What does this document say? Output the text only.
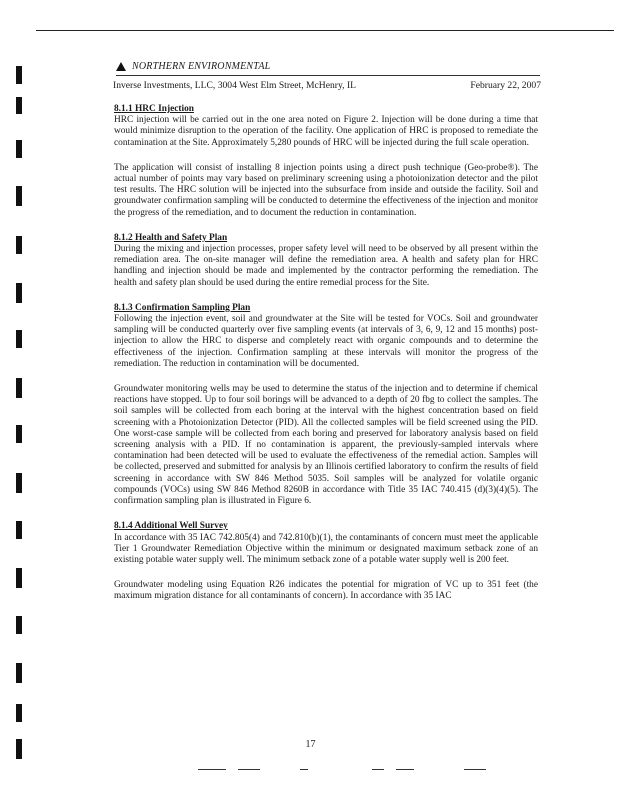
NORTHERN ENVIRONMENTAL
Inverse Investments, LLC, 3004 West Elm Street, McHenry, IL	February 22, 2007

8.1.1 HRC Injection

HRC injection will be carried out in the one area noted on Figure 2. Injection will be done during a time that would minimize disruption to the operation of the facility. One application of HRC is proposed to remediate the contamination at the Site. Approximately 5,280 pounds of HRC will be injected during the full scale operation.

The application will consist of installing 8 injection points using a direct push technique (Geo-probe®). The actual number of points may vary based on preliminary screening using a photoionization detector and the pilot test results. The HRC solution will be injected into the subsurface from inside and outside the facility. Soil and groundwater confirmation sampling will be conducted to determine the effectiveness of the injection and monitor the progress of the remediation, and to document the reduction in contamination.

8.1.2 Health and Safety Plan

During the mixing and injection processes, proper safety level will need to be observed by all present within the remediation area. The on-site manager will define the remediation area. A health and safety plan for HRC handling and injection should be made and implemented by the contractor performing the remediation. The health and safety plan should be used during the entire remedial process for the Site.

8.1.3 Confirmation Sampling Plan

Following the injection event, soil and groundwater at the Site will be tested for VOCs. Soil and groundwater sampling will be conducted quarterly over five sampling events (at intervals of 3, 6, 9, 12 and 15 months) post-injection to allow the HRC to disperse and completely react with organic compounds and to determine the effectiveness of the injection. Confirmation sampling at these intervals will monitor the progress of the remediation. The reduction in contamination will be documented.

Groundwater monitoring wells may be used to determine the status of the injection and to determine if chemical reactions have stopped. Up to four soil borings will be advanced to a depth of 20 fbg to collect the samples. The soil samples will be collected from each boring at the interval with the highest concentration based on field screening with a Photoionization Detector (PID). All the collected samples will be field screened using the PID. One worst-case sample will be collected from each boring and preserved for laboratory analysis based on field screening analysis with a PID. If no contamination is apparent, the previously-sampled intervals where contamination had been detected will be used to evaluate the effectiveness of the remedial action. Samples will be collected, preserved and submitted for analysis by an Illinois certified laboratory to confirm the results of field screening in accordance with SW 846 Method 5035. Soil samples will be analyzed for volatile organic compounds (VOCs) using SW 846 Method 8260B in accordance with Title 35 IAC 740.415 (d)(3)(4)(5). The confirmation sampling plan is illustrated in Figure 6.

8.1.4 Additional Well Survey

In accordance with 35 IAC 742.805(4) and 742.810(b)(1), the contaminants of concern must meet the applicable Tier 1 Groundwater Remediation Objective within the minimum or designated maximum setback zone of an existing potable water supply well. The minimum setback zone of a potable water supply well is 200 feet.

Groundwater modeling using Equation R26 indicates the potential for migration of VC up to 351 feet (the maximum migration distance for all contaminants of concern). In accordance with 35 IAC

17
